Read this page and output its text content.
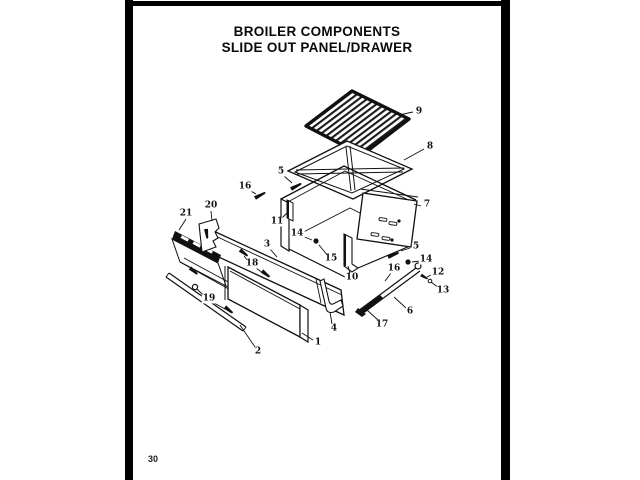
BROILER COMPONENTS
SLIDE OUT PANEL/DRAWER
30
9
8
7
5
16
11
14
15
3
18
19
20
21
2
1
4
10
16
5
14
12
13
6
17
